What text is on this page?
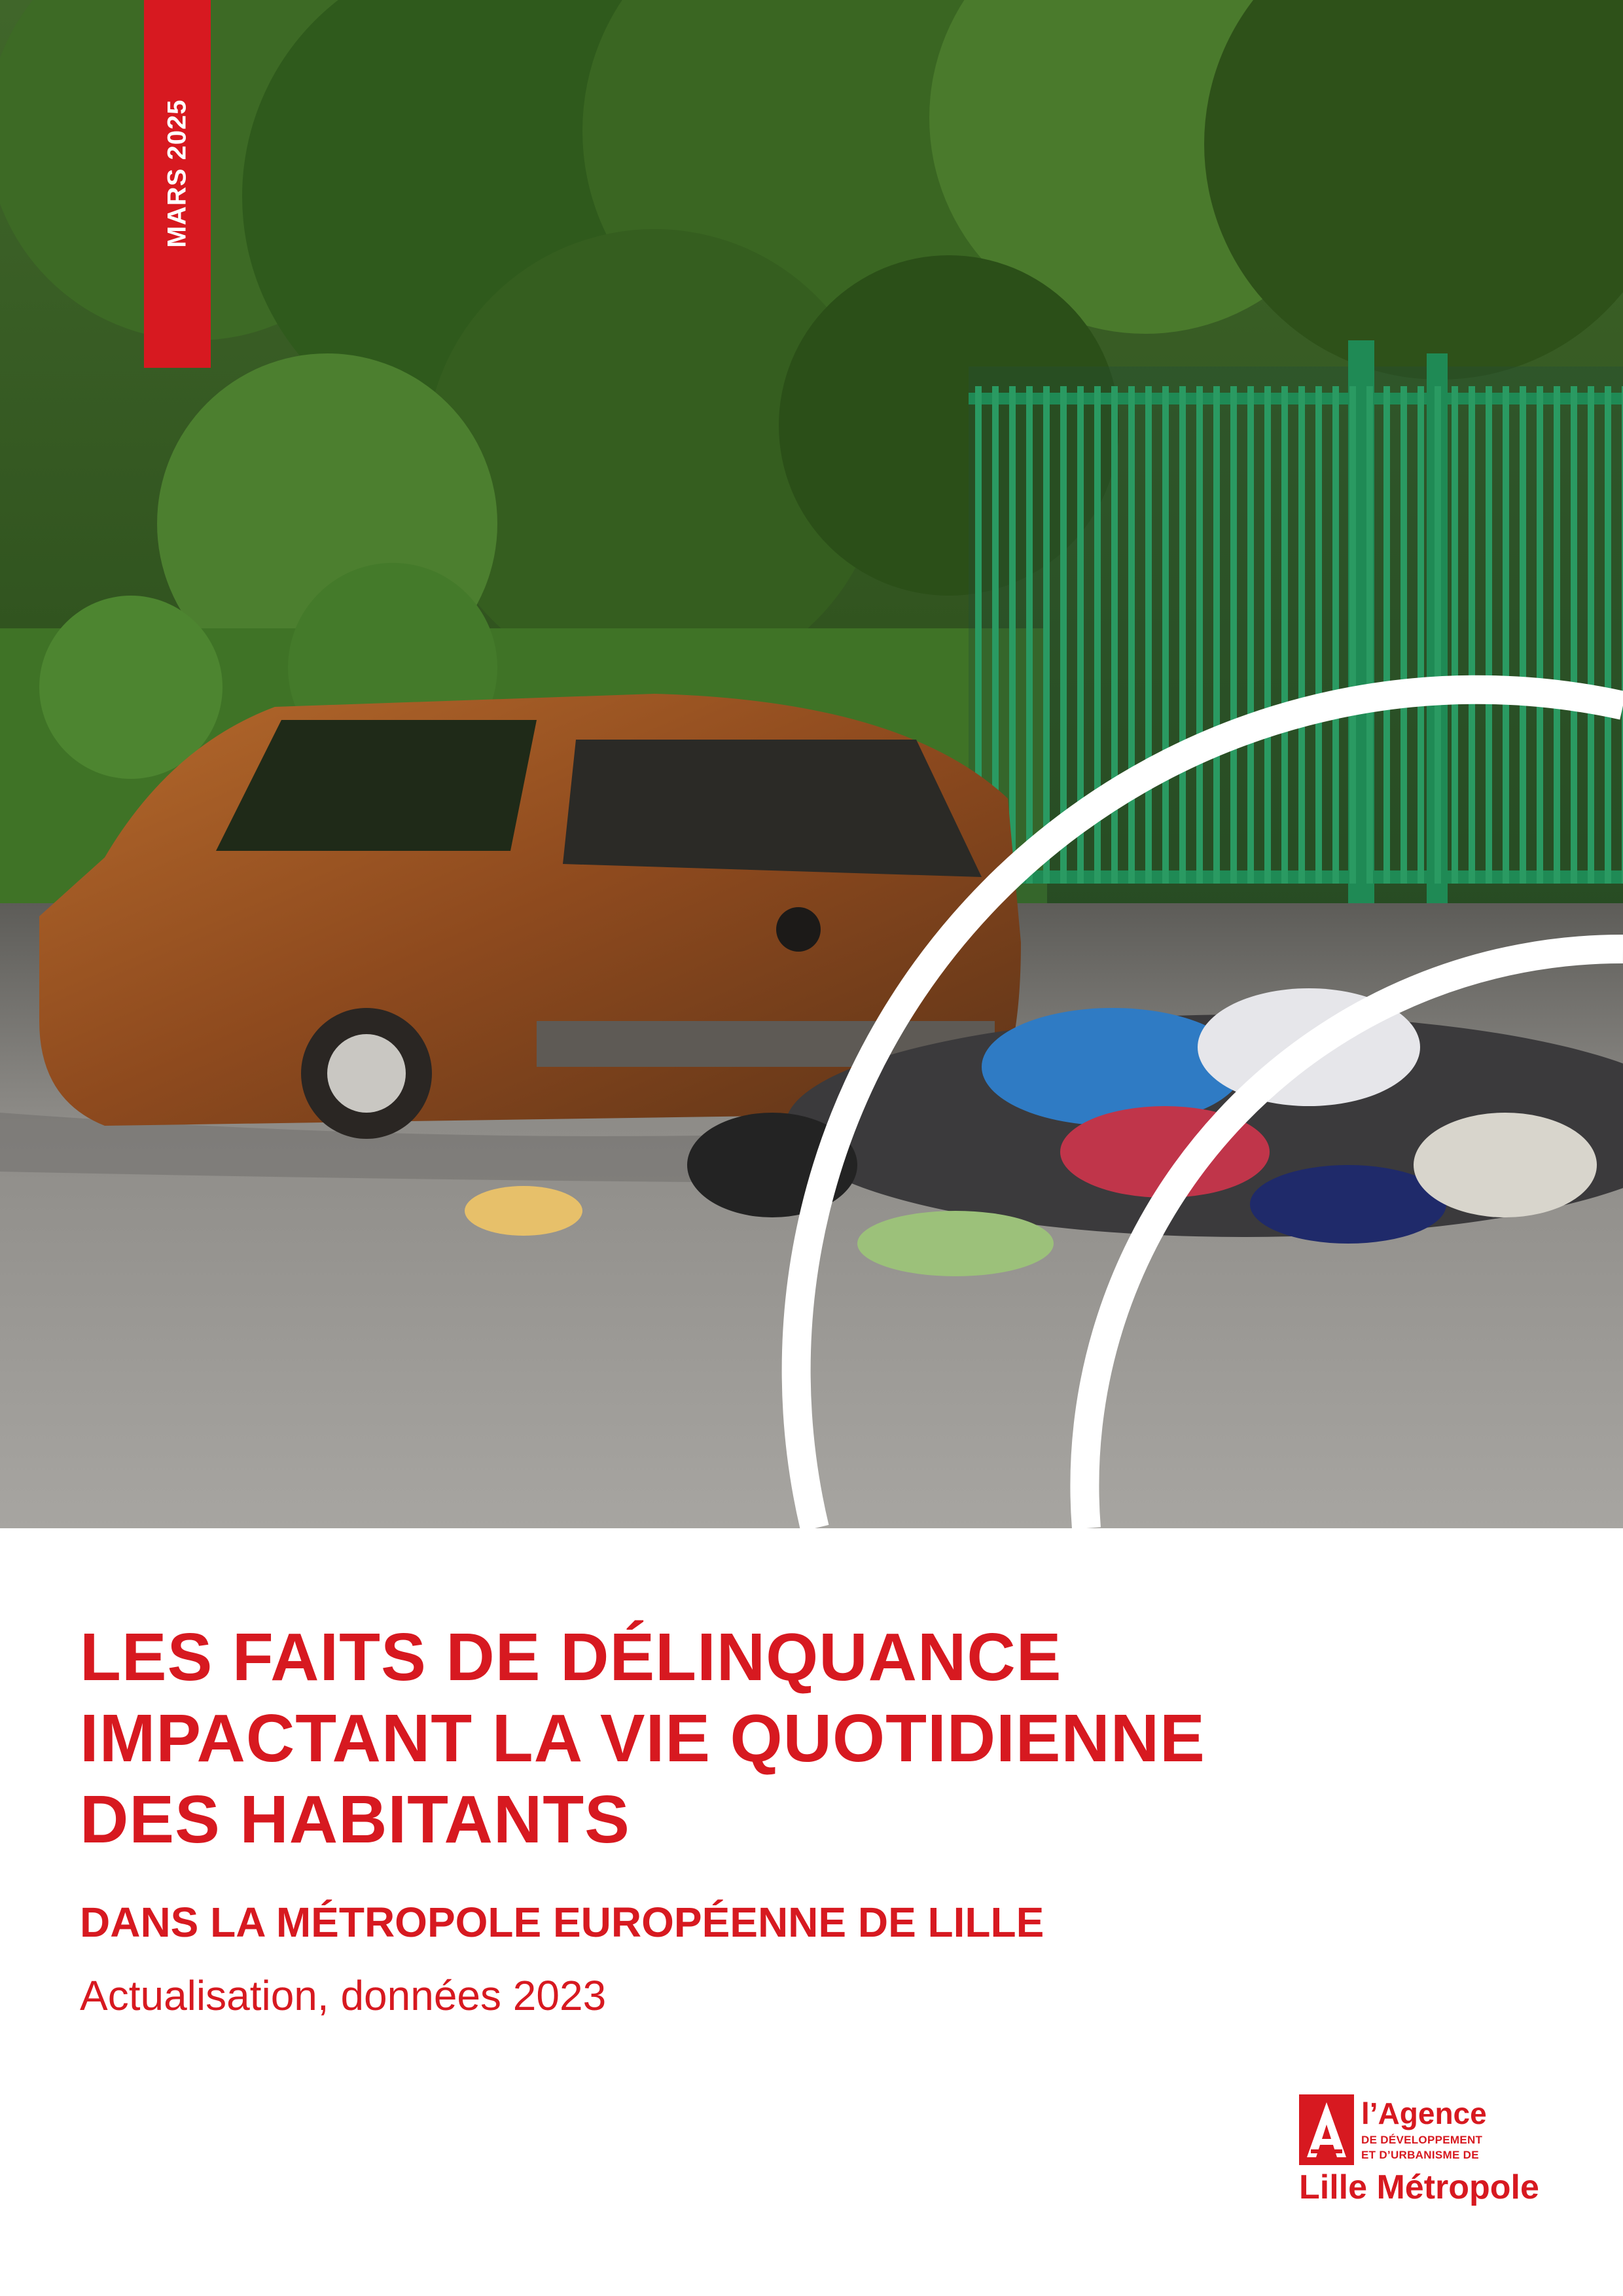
MARS 2025
LES FAITS DE DÉLINQUANCE
IMPACTANT LA VIE QUOTIDIENNE
DES HABITANTS
DANS LA MÉTROPOLE EUROPÉENNE DE LILLE
Actualisation, données 2023
l’Agence
DE DÉVELOPPEMENT
ET D’URBANISME DE
Lille Métropole
